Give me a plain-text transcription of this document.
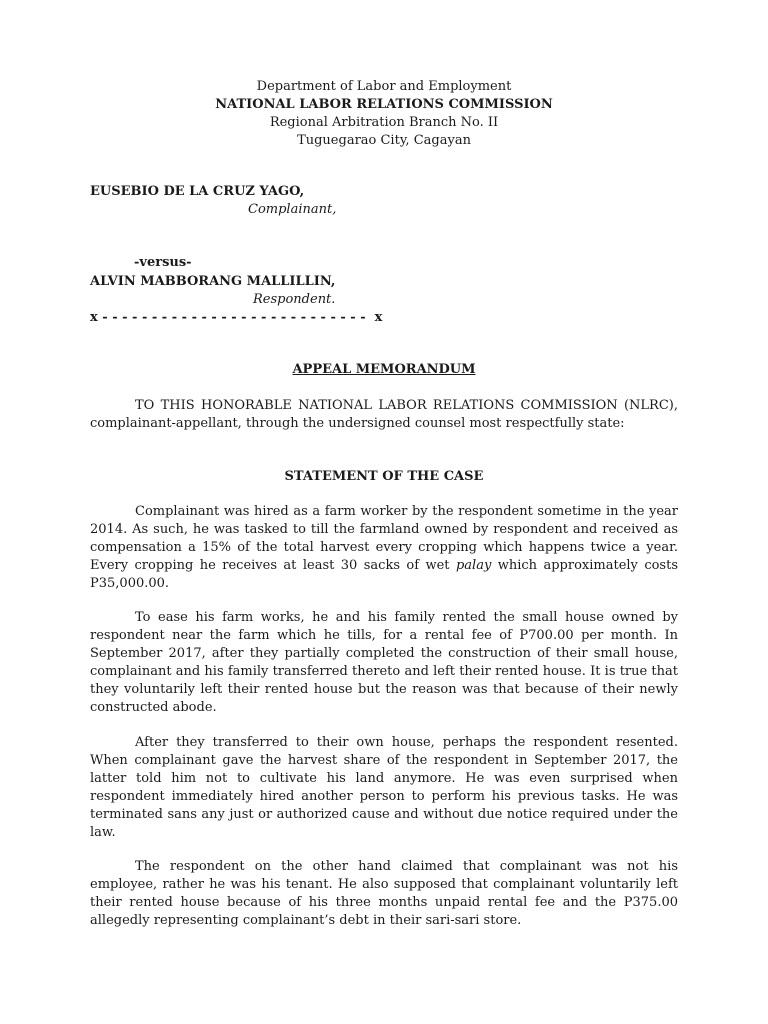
Department of Labor and Employment
NATIONAL LABOR RELATIONS COMMISSION
Regional Arbitration Branch No. II
Tuguegarao City, Cagayan
EUSEBIO DE LA CRUZ YAGO,
Complainant,
-versus-
ALVIN MABBORANG MALLILLIN,
Respondent.
x - - - - - - - - - - - - - - - - - - - - - - - - - - -  x
APPEAL MEMORANDUM
TO THIS HONORABLE NATIONAL LABOR RELATIONS COMMISSION (NLRC), complainant-appellant, through the undersigned counsel most respectfully state:
STATEMENT OF THE CASE
Complainant was hired as a farm worker by the respondent sometime in the year 2014. As such, he was tasked to till the farmland owned by respondent and received as compensation a 15% of the total harvest every cropping which happens twice a year. Every cropping he receives at least 30 sacks of wet palay which approximately costs P35,000.00.
To ease his farm works, he and his family rented the small house owned by respondent near the farm which he tills, for a rental fee of P700.00 per month. In September 2017, after they partially completed the construction of their small house, complainant and his family transferred thereto and left their rented house. It is true that they voluntarily left their rented house but the reason was that because of their newly constructed abode.
After they transferred to their own house, perhaps the respondent resented. When complainant gave the harvest share of the respondent in September 2017, the latter told him not to cultivate his land anymore. He was even surprised when respondent immediately hired another person to perform his previous tasks. He was terminated sans any just or authorized cause and without due notice required under the law.
The respondent on the other hand claimed that complainant was not his employee, rather he was his tenant. He also supposed that complainant voluntarily left their rented house because of his three months unpaid rental fee and the P375.00 allegedly representing complainant’s debt in their sari-sari store.
